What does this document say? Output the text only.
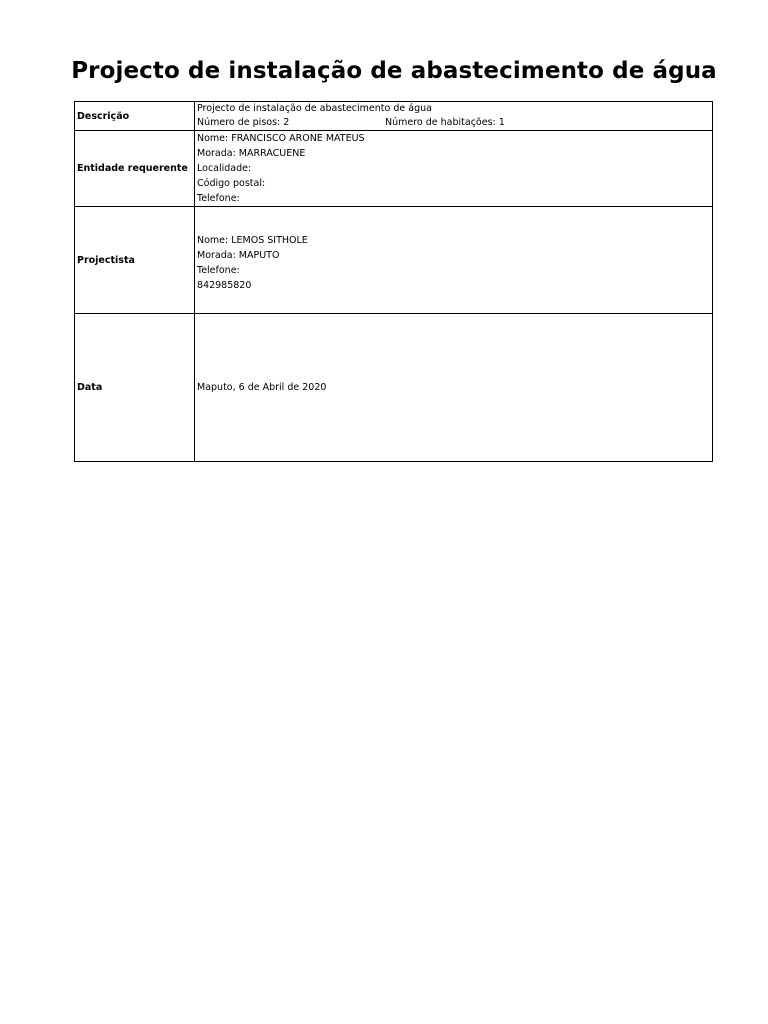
Projecto de instalação de abastecimento de água
Descrição	Projecto de instalação de abastecimento de água
Número de pisos: 2 Número de habitações: 1

Entidade requerente	Nome: FRANCISCO ARONE MATEUS
Morada: MARRACUENE
Localidade:
Código postal:
Telefone:

Projectista	Nome: LEMOS SITHOLE
Morada: MAPUTO
Telefone:
842985820

Data	Maputo, 6 de Abril de 2020
